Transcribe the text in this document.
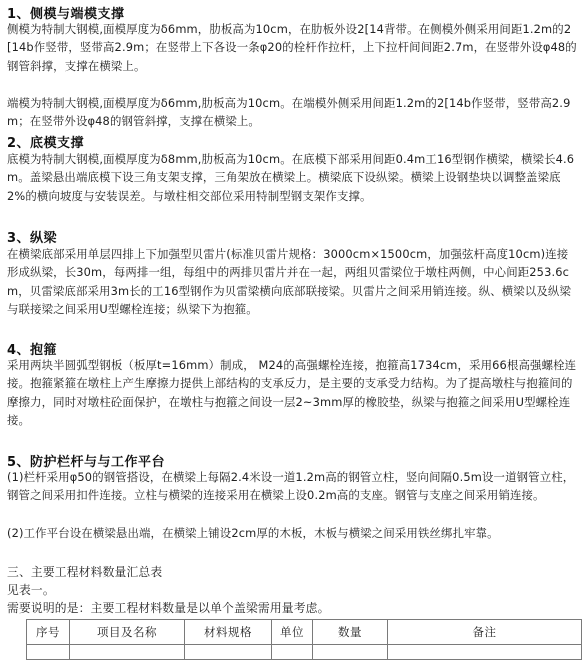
1、侧模与端模支撑
侧模为特制大钢模,面模厚度为δ6mm，肋板高为10cm，在肋板外设2[14背带。在侧模外侧采用间距1.2m的2[14b作竖带，竖带高2.9m；在竖带上下各设一条φ20的栓杆作拉杆，上下拉杆间间距2.7m，在竖带外设φ48的钢管斜撑，支撑在横梁上。
端模为特制大钢模,面模厚度为δ6mm,肋板高为10cm。在端模外侧采用间距1.2m的2[14b作竖带，竖带高2.9m；在竖带外设φ48的钢管斜撑，支撑在横梁上。
2、底模支撑
底模为特制大钢模,面模厚度为δ8mm,肋板高为10cm。在底模下部采用间距0.4m工16型钢作横梁，横梁长4.6m。盖梁悬出端底模下设三角支架支撑，三角架放在横梁上。横梁底下设纵梁。横梁上设钢垫块以调整盖梁底2%的横向坡度与安装误差。与墩柱相交部位采用特制型钢支架作支撑。
3、纵梁
在横梁底部采用单层四排上下加强型贝雷片(标准贝雷片规格：3000cm×1500cm，加强弦杆高度10cm)连接形成纵梁，长30m，每两排一组，每组中的两排贝雷片并在一起，两组贝雷梁位于墩柱两侧，中心间距253.6cm，贝雷梁底部采用3m长的工16型钢作为贝雷梁横向底部联接梁。贝雷片之间采用销连接。纵、横梁以及纵梁与联接梁之间采用U型螺栓连接；纵梁下为抱箍。
4、抱箍
采用两块半圆弧型钢板（板厚t=16mm）制成， M24的高强螺栓连接，抱箍高1734cm，采用66根高强螺栓连接。抱箍紧箍在墩柱上产生摩擦力提供上部结构的支承反力，是主要的支承受力结构。为了提高墩柱与抱箍间的摩擦力，同时对墩柱砼面保护，在墩柱与抱箍之间设一层2~3mm厚的橡胶垫，纵梁与抱箍之间采用U型螺栓连接。
5、防护栏杆与与工作平台
(1)栏杆采用φ50的钢管搭设，在横梁上每隔2.4米设一道1.2m高的钢管立柱，竖向间隔0.5m设一道钢管立柱，钢管之间采用扣件连接。立柱与横梁的连接采用在横梁上设0.2m高的支座。钢管与支座之间采用销连接。
(2)工作平台设在横梁悬出端，在横梁上铺设2cm厚的木板，木板与横梁之间采用铁丝绑扎牢靠。
三、主要工程材料数量汇总表
见表一。
需要说明的是：主要工程材料数量是以单个盖梁需用量考虑。
序号	项目及名称	材料规格	单位	数量	备注
